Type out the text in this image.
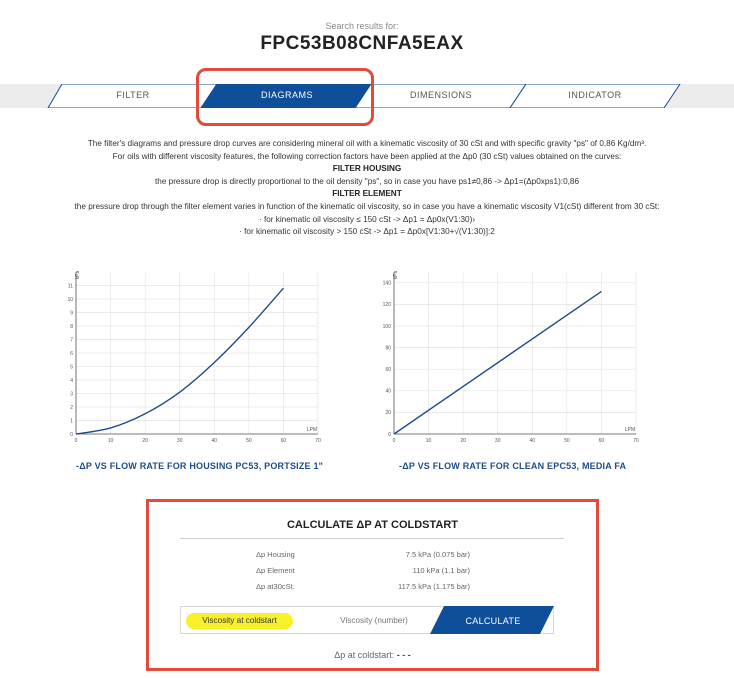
Search results for:
FPC53B08CNFA5EAX
FILTER	DIAGRAMS	DIMENSIONS	INDICATOR
The filter's diagrams and pressure drop curves are considering mineral oil with a kinematic viscosity of 30 cSt and with specific gravity "ps" of 0,86 Kg/dm³.
For oils with different viscosity features, the following correction factors have been applied at the Δp0 (30 cSt) values obtained on the curves:
FILTER HOUSING
the pressure drop is directly proportional to the oil density "ps", so in case you have ps1≠0,86 -> Δp1=(Δp0xps1):0,86
FILTER ELEMENT
the pressure drop through the filter element varies in function of the kinematic oil viscosity, so in case you have a kinematic viscosity V1(cSt) different from 30 cSt:
· for kinematic oil viscosity ≤ 150 cSt -> Δp1 = Δp0x(V1:30)›
· for kinematic oil viscosity > 150 cSt -> Δp1 = Δp0x[V1:30+√(V1:30)]:2
0	10	20	30	40	50	60	70
0
1
2
3
4
5
6
7
8
9
10
11
kPa
LPM
-ΔP VS FLOW RATE FOR HOUSING PC53, PORTSIZE 1"
0	10	20	30	40	50	60	70
0
20
40
60
80
100
120
140
kPa
LPM
-ΔP VS FLOW RATE FOR CLEAN EPC53, MEDIA FA
CALCULATE ΔP AT COLDSTART
Δp Housing	7.5 kPa (0.075 bar)
Δp Element	110 kPa (1.1 bar)
Δp at30cSt.	117.5 kPa (1.175 bar)
Viscosity at coldstart	Viscosity (number)	CALCULATE
Δp at coldstart: - - -
